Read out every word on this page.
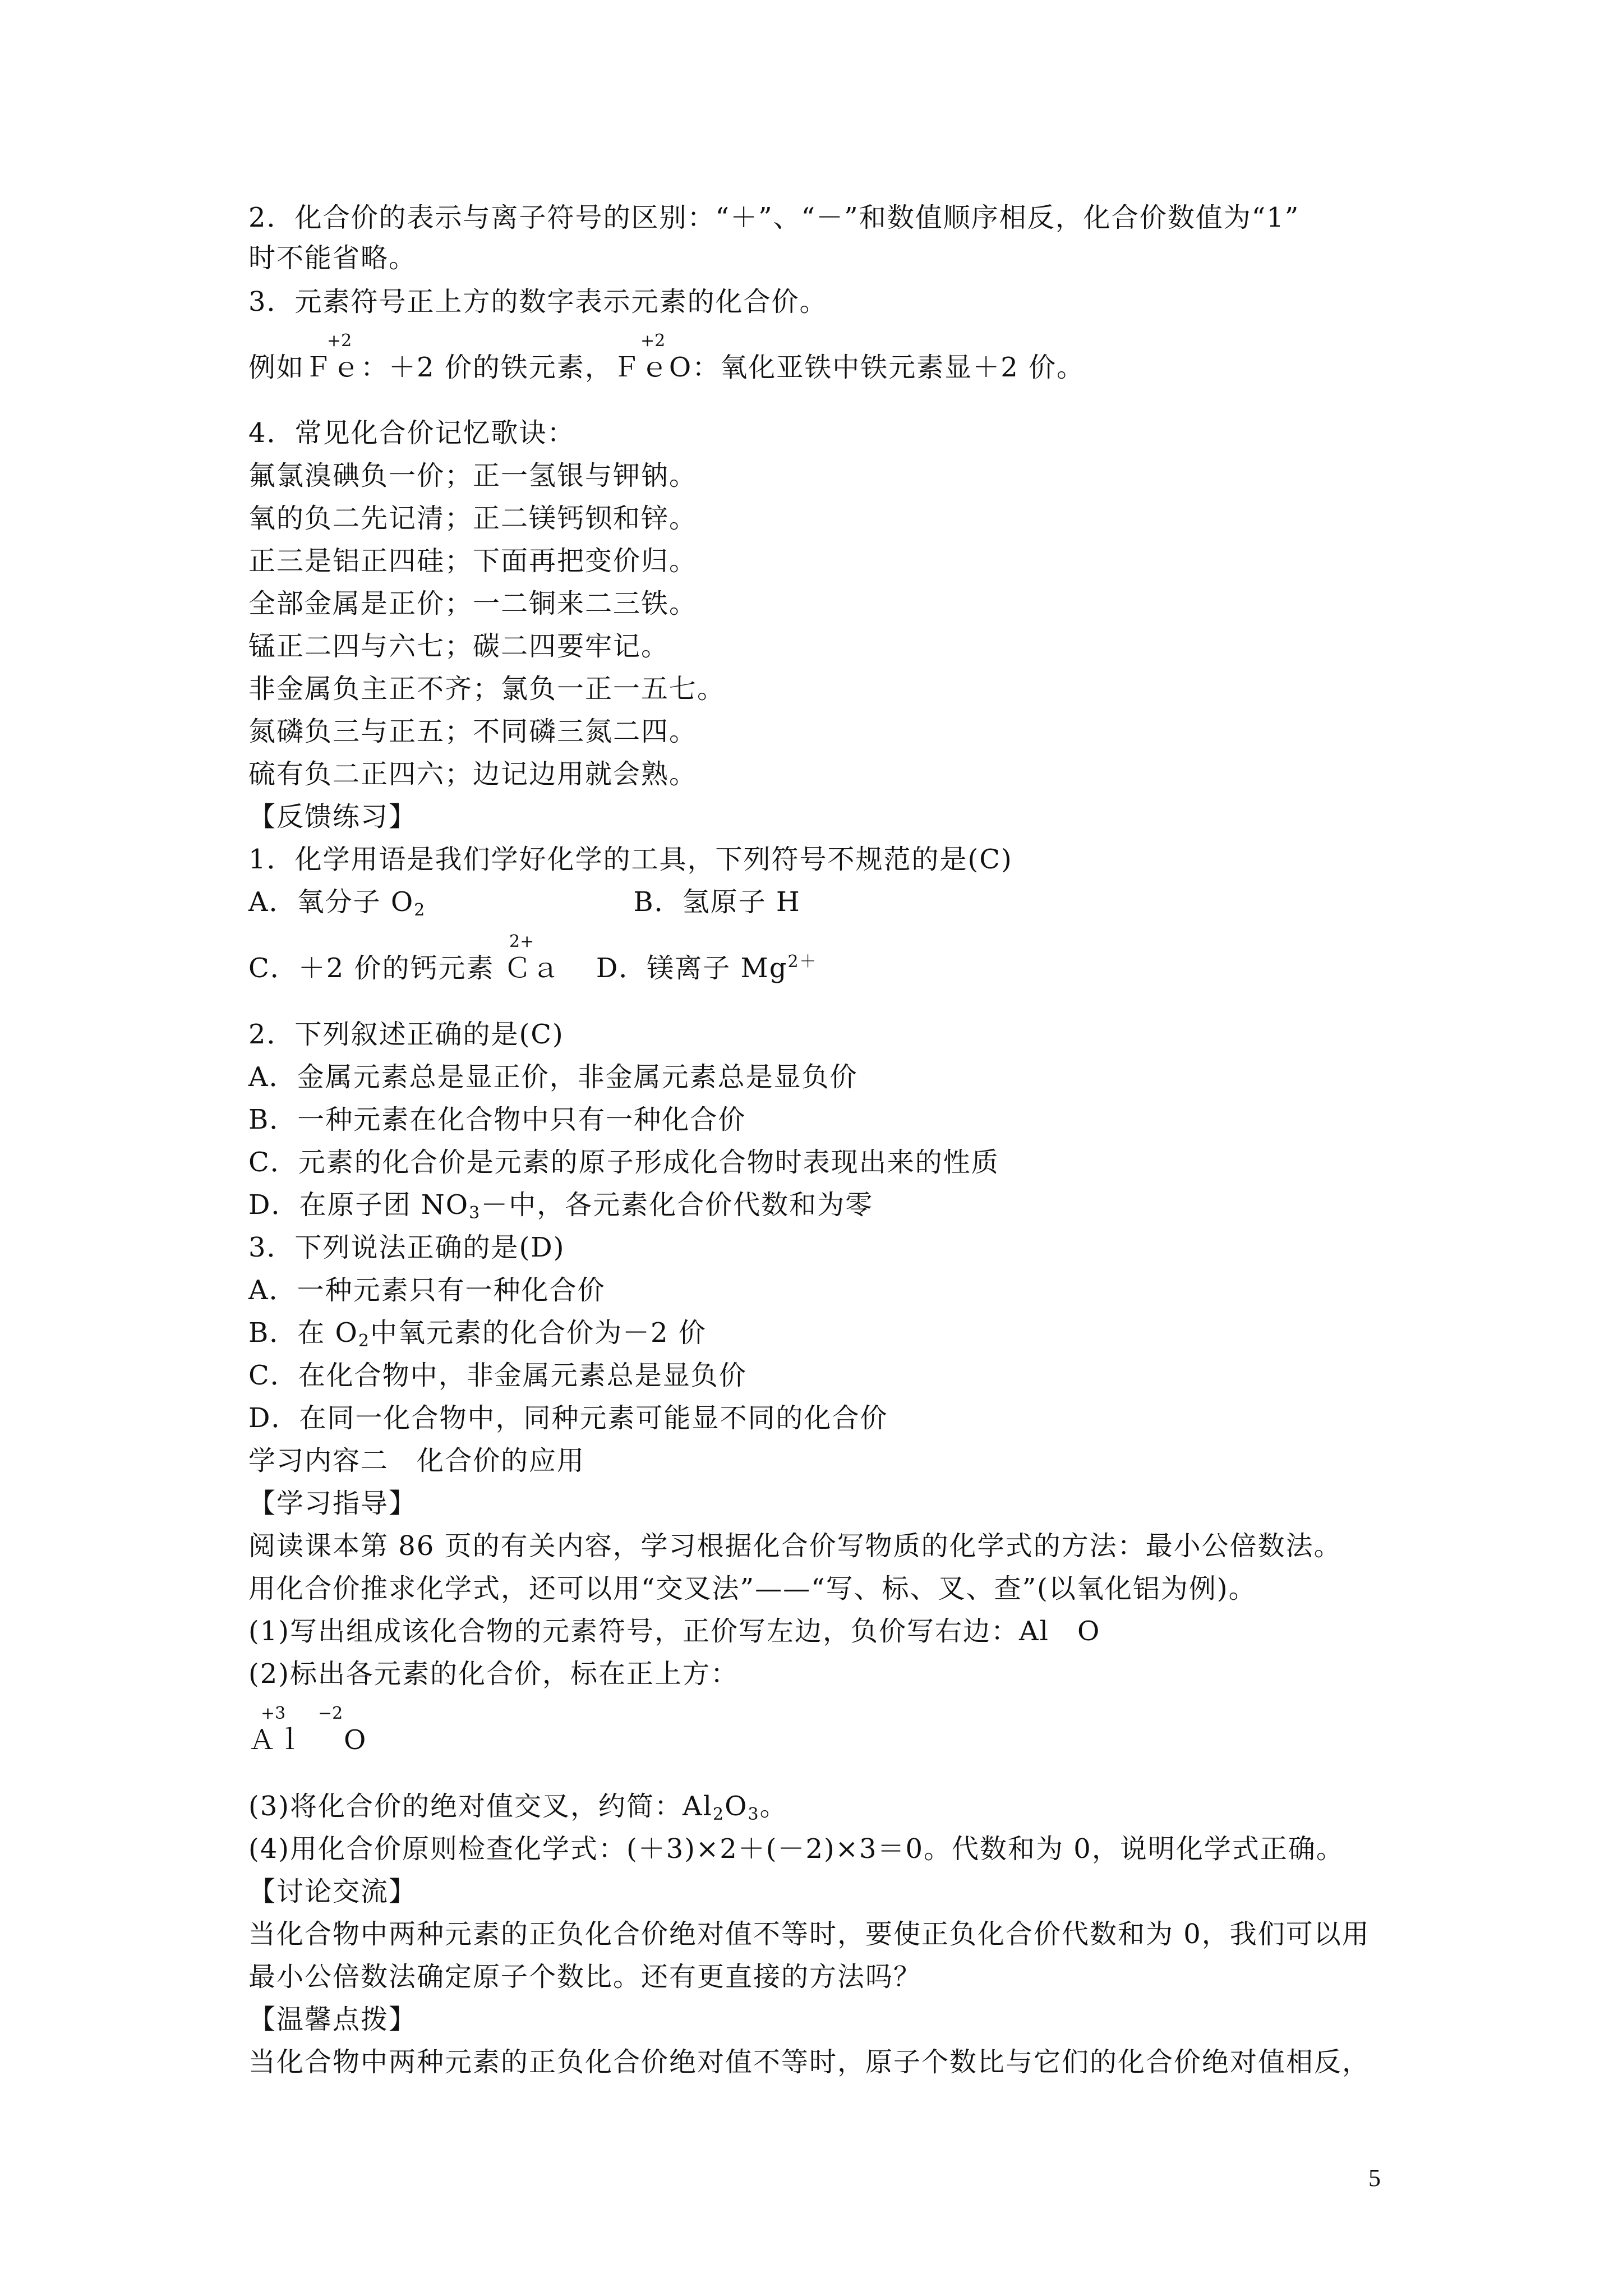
2．化合价的表示与离子符号的区别：“＋”、“－”和数值顺序相反，化合价数值为“1”
时不能省略。
3．元素符号正上方的数字表示元素的化合价。
+2	+2
例如Ｆｅ：＋2 价的铁元素，ＦｅO：氧化亚铁中铁元素显＋2 价。
4．常见化合价记忆歌诀：
氟氯溴碘负一价；正一氢银与钾钠。
氧的负二先记清；正二镁钙钡和锌。
正三是铝正四硅；下面再把变价归。
全部金属是正价；一二铜来二三铁。
锰正二四与六七；碳二四要牢记。
非金属负主正不齐；氯负一正一五七。
氮磷负三与正五；不同磷三氮二四。
硫有负二正四六；边记边用就会熟。
【反馈练习】
1．化学用语是我们学好化学的工具，下列符号不规范的是(C)
A．氧分子 $O_2$	B．氢原子 H
2+
C．＋2 价的钙元素 Ｃａ D．镁离子 $Mg^{2+}$
2．下列叙述正确的是(C)
A．金属元素总是显正价，非金属元素总是显负价
B．一种元素在化合物中只有一种化合价
C．元素的化合价是元素的原子形成化合物时表现出来的性质
D．在原子团 $NO_3-$中，各元素化合价代数和为零
3．下列说法正确的是(D)
A．一种元素只有一种化合价
B．在 $O_2$中氧元素的化合价为－2 价
C．在化合物中，非金属元素总是显负价
D．在同一化合物中，同种元素可能显不同的化合价
学习内容二　化合价的应用
【学习指导】
阅读课本第 86 页的有关内容，学习根据化合价写物质的化学式的方法：最小公倍数法。
用化合价推求化学式，还可以用“交叉法”——“写、标、叉、查”(以氧化铝为例)。
(1)写出组成该化合物的元素符号，正价写左边，负价写右边：Al　O
(2)标出各元素的化合价，标在正上方：
+3 −2
Ａｌ O
(3)将化合价的绝对值交叉，约简：$Al_2O_3$。
(4)用化合价原则检查化学式：(＋3)×2＋(－2)×3＝0。代数和为 0，说明化学式正确。
【讨论交流】
当化合物中两种元素的正负化合价绝对值不等时，要使正负化合价代数和为 0，我们可以用
最小公倍数法确定原子个数比。还有更直接的方法吗？
【温馨点拨】
当化合物中两种元素的正负化合价绝对值不等时，原子个数比与它们的化合价绝对值相反，
5
